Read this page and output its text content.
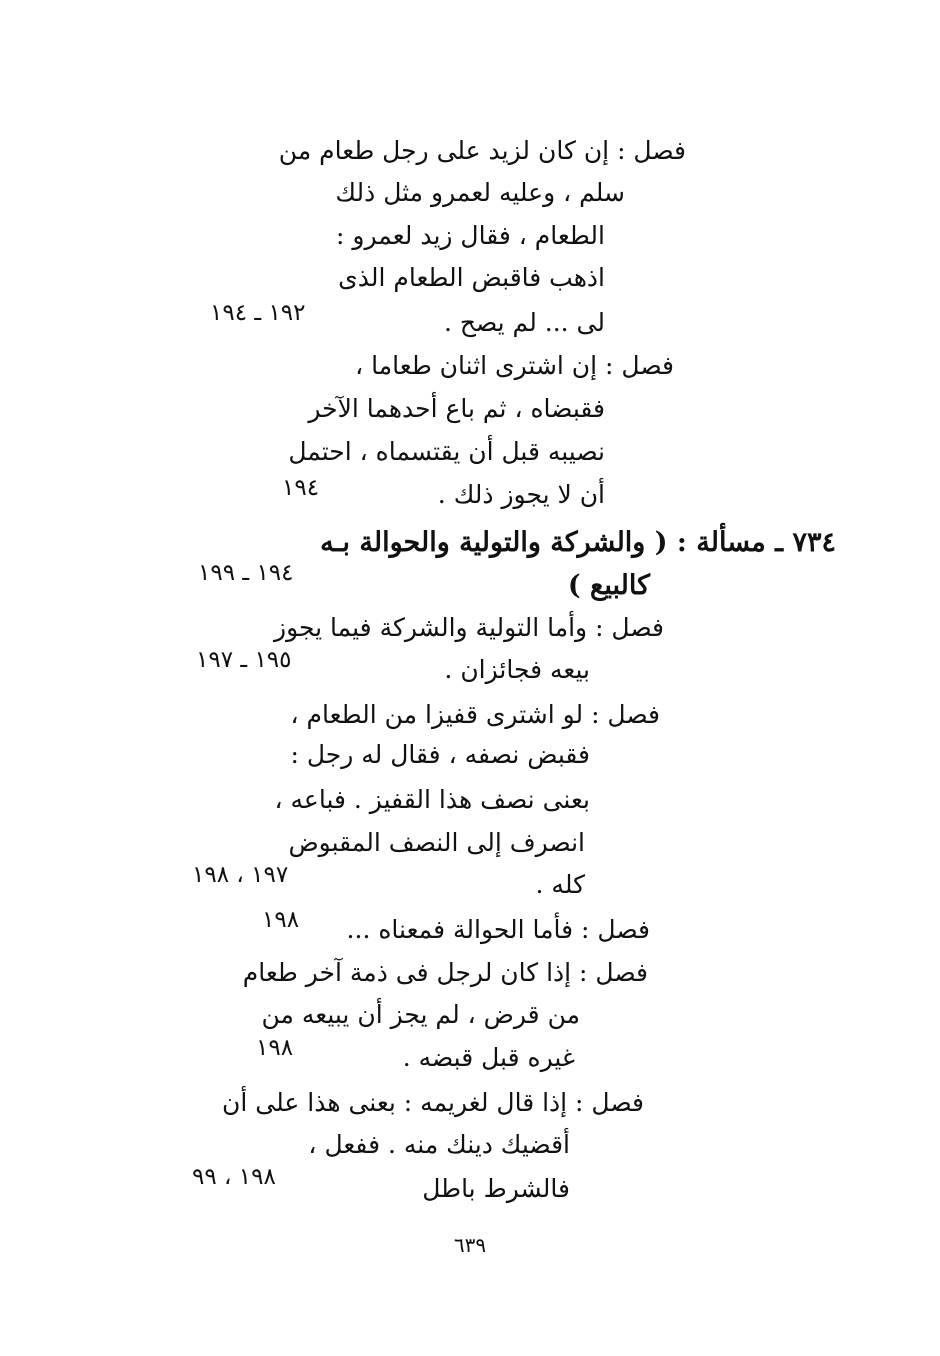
فصل : إن كان لزيد على رجل طعام من
سلم ، وعليه لعمرو مثل ذلك
الطعام ، فقال زيد لعمرو :
اذهب فاقبض الطعام الذى
لى ... لم يصح .
فصل : إن اشترى اثنان طعاما ،
فقبضاه ، ثم باع أحدهما الآخر
نصيبه قبل أن يقتسماه ، احتمل
أن لا يجوز ذلك .
٧٣٤ ـ مسألة : ( والشركة والتولية والحوالة بـه
كالبيع )
فصل : وأما التولية والشركة فيما يجوز
بيعه فجائزان .
فصل : لو اشترى قفيزا من الطعام ،
فقبض نصفه ، فقال له رجل :
بعنى نصف هذا القفيز . فباعه ،
انصرف إلى النصف المقبوض
كله .
فصل : فأما الحوالة فمعناه ...
فصل : إذا كان لرجل فى ذمة آخر طعام
من قرض ، لم يجز أن يبيعه من
غيره قبل قبضه .
فصل : إذا قال لغريمه : بعنى هذا على أن
أقضيك دينك منه . ففعل ،
فالشرط باطل
١٩٢ ـ ١٩٤
١٩٤
١٩٤ ـ ١٩٩
١٩٥ ـ ١٩٧
١٩٧ ، ١٩٨
١٩٨
١٩٨
١٩٨ ، ٩٩
٦٣٩
